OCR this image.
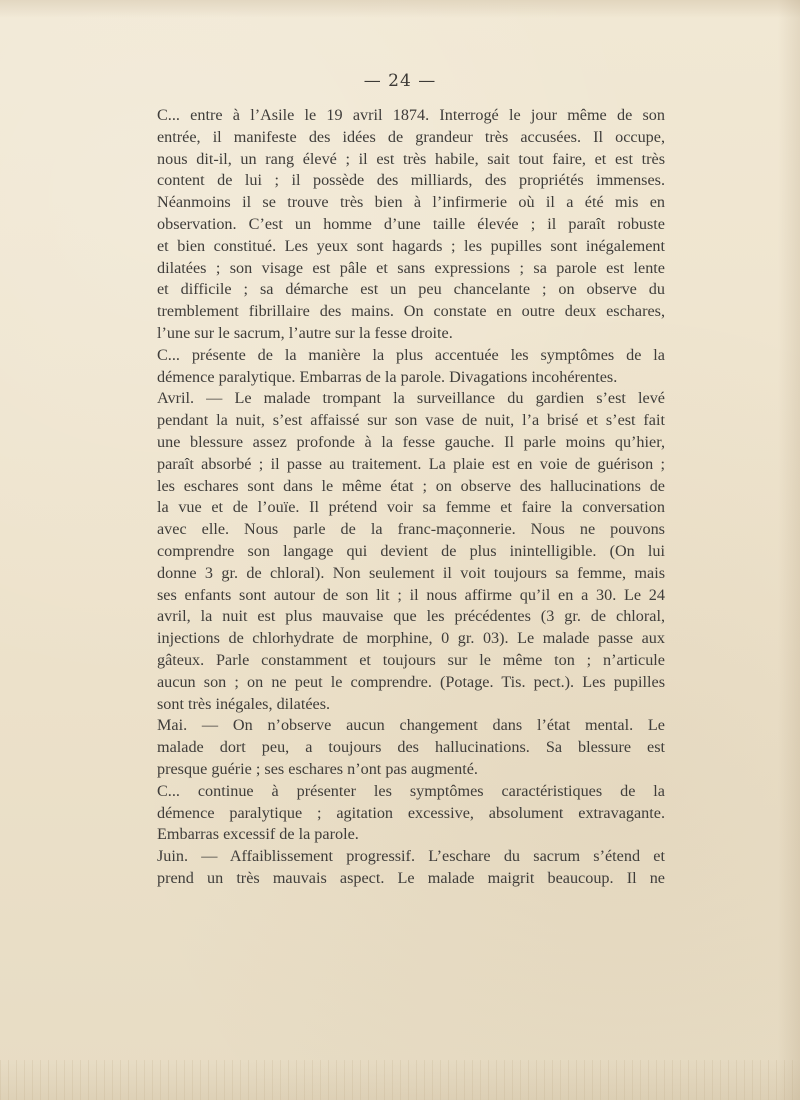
— 24 —
C... entre à l’Asile le 19 avril 1874. Interrogé le jour même de son
entrée, il manifeste des idées de grandeur très accusées. Il occupe,
nous dit-il, un rang élevé ; il est très habile, sait tout faire, et est très
content de lui ; il possède des milliards, des propriétés immenses.
Néanmoins il se trouve très bien à l’infirmerie où il a été mis en
observation. C’est un homme d’une taille élevée ; il paraît robuste
et bien constitué. Les yeux sont hagards ; les pupilles sont inégalement
dilatées ; son visage est pâle et sans expressions ; sa parole est lente
et difficile ; sa démarche est un peu chancelante ; on observe du
tremblement fibrillaire des mains. On constate en outre deux eschares,
l’une sur le sacrum, l’autre sur la fesse droite.
C... présente de la manière la plus accentuée les symptômes de la
démence paralytique. Embarras de la parole. Divagations incohérentes.
Avril. — Le malade trompant la surveillance du gardien s’est levé
pendant la nuit, s’est affaissé sur son vase de nuit, l’a brisé et s’est fait
une blessure assez profonde à la fesse gauche. Il parle moins qu’hier,
paraît absorbé ; il passe au traitement. La plaie est en voie de guérison ;
les eschares sont dans le même état ; on observe des hallucinations de
la vue et de l’ouïe. Il prétend voir sa femme et faire la conversation
avec elle. Nous parle de la franc-maçonnerie. Nous ne pouvons
comprendre son langage qui devient de plus inintelligible. (On lui
donne 3 gr. de chloral). Non seulement il voit toujours sa femme, mais
ses enfants sont autour de son lit ; il nous affirme qu’il en a 30. Le 24
avril, la nuit est plus mauvaise que les précédentes (3 gr. de chloral,
injections de chlorhydrate de morphine, 0 gr. 03). Le malade passe aux
gâteux. Parle constamment et toujours sur le même ton ; n’articule
aucun son ; on ne peut le comprendre. (Potage. Tis. pect.). Les pupilles
sont très inégales, dilatées.
Mai. — On n’observe aucun changement dans l’état mental. Le
malade dort peu, a toujours des hallucinations. Sa blessure est
presque guérie ; ses eschares n’ont pas augmenté.
C... continue à présenter les symptômes caractéristiques de la
démence paralytique ; agitation excessive, absolument extravagante.
Embarras excessif de la parole.
Juin. — Affaiblissement progressif. L’eschare du sacrum s’étend et
prend un très mauvais aspect. Le malade maigrit beaucoup. Il ne
